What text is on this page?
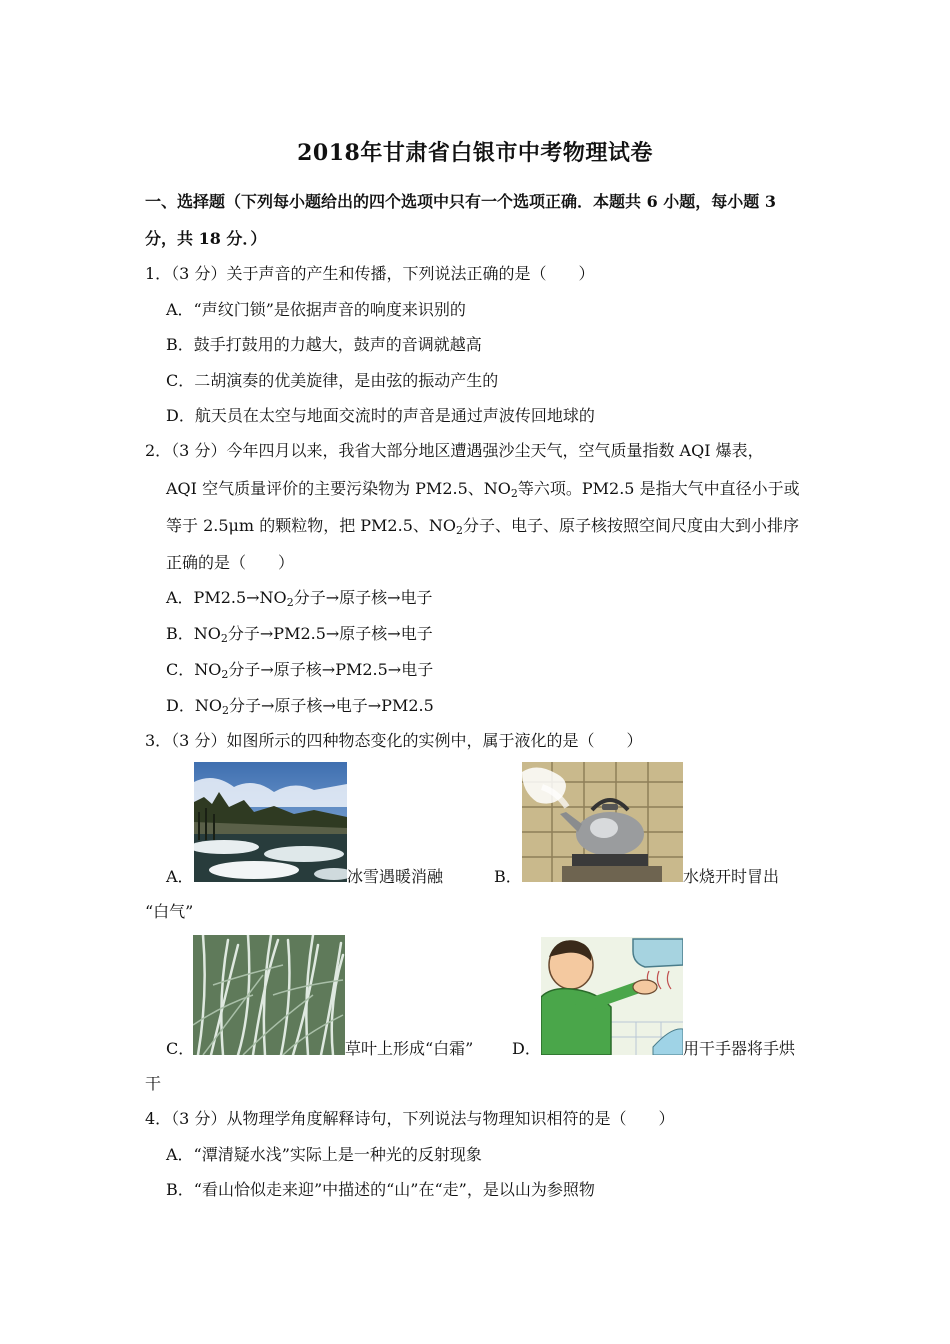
2018年甘肃省白银市中考物理试卷
一、选择题（下列每小题给出的四个选项中只有一个选项正确．本题共 6 小题，每小题 3
分，共 18 分．）
1．（3 分）关于声音的产生和传播，下列说法正确的是（　　）
A．“声纹门锁”是依据声音的响度来识别的
B．鼓手打鼓用的力越大，鼓声的音调就越高
C．二胡演奏的优美旋律，是由弦的振动产生的
D．航天员在太空与地面交流时的声音是通过声波传回地球的
2．（3 分）今年四月以来，我省大部分地区遭遇强沙尘天气，空气质量指数 AQI 爆表，
AQI 空气质量评价的主要污染物为 PM2.5、$NO_2$等六项。PM2.5 是指大气中直径小于或
等于 2.5μm 的颗粒物，把 PM2.5、$NO_2$分子、电子、原子核按照空间尺度由大到小排序
正确的是（　　）
A．$PM2.5\to NO_2$分子→原子核→电子
B．$NO_2$分子→PM2.5→原子核→电子
C．$NO_2$分子→原子核→PM2.5→电子
D．$NO_2$分子→原子核→电子→PM2.5
3．（3 分）如图所示的四种物态变化的实例中，属于液化的是（　　）
A．	冰雪遇暖消融	B．	水烧开时冒出
“白气”
C．	草叶上形成“白霜” D．	用干手器将手烘
干
4．（3 分）从物理学角度解释诗句，下列说法与物理知识相符的是（　　）
A．“潭清疑水浅”实际上是一种光的反射现象
B．“看山恰似走来迎”中描述的“山”在“走”，是以山为参照物
